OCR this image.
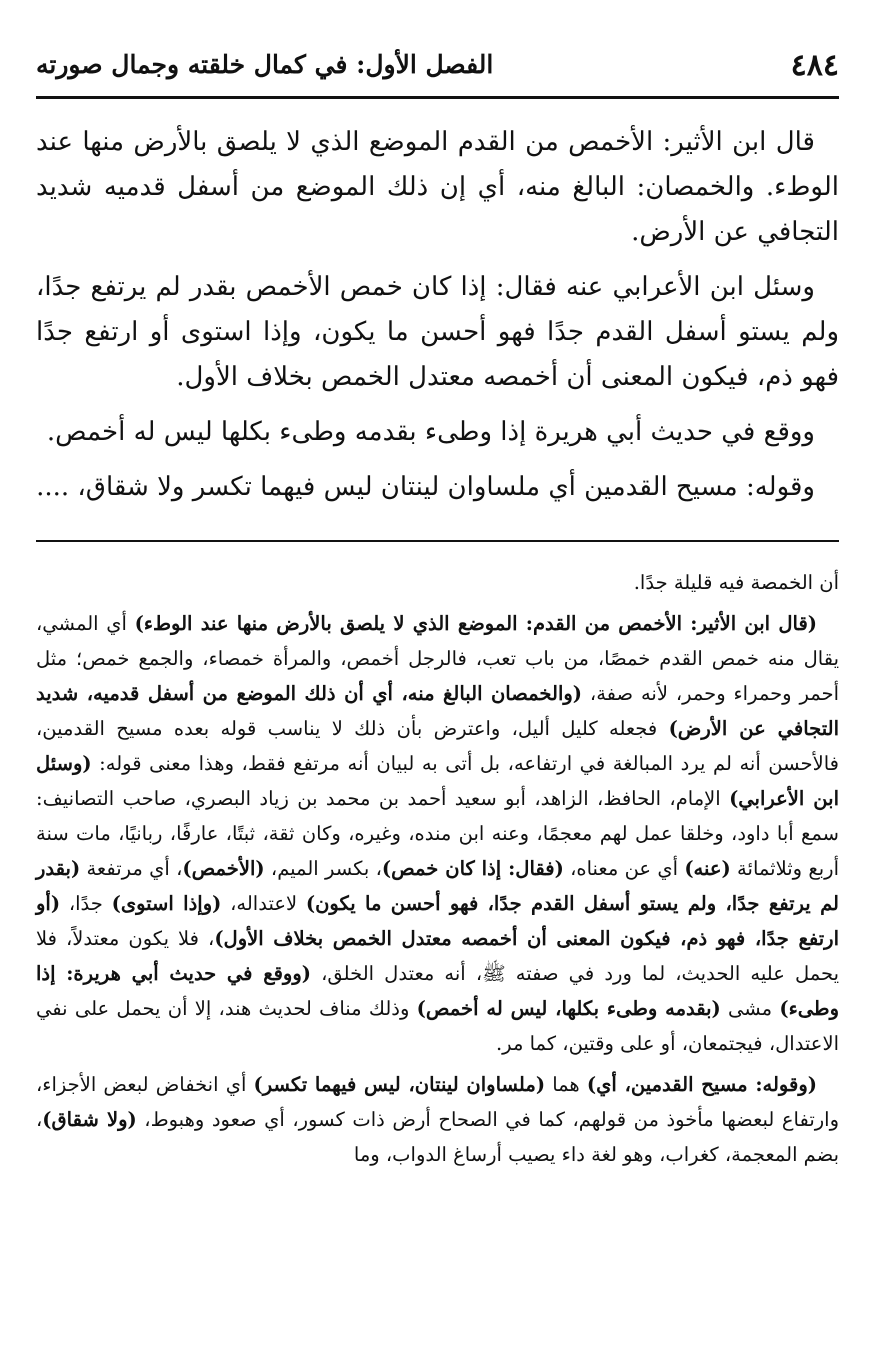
٤٨٤
الفصل الأول: في كمال خلقته وجمال صورته

قال ابن الأثير: الأخمص من القدم الموضع الذي لا يلصق بالأرض منها عند الوطء. والخمصان: البالغ منه، أي إن ذلك الموضع من أسفل قدميه شديد التجافي عن الأرض.

وسئل ابن الأعرابي عنه فقال: إذا كان خمص الأخمص بقدر لم يرتفع جدًا، ولم يستو أسفل القدم جدًا فهو أحسن ما يكون، وإذا استوى أو ارتفع جدًا فهو ذم، فيكون المعنى أن أخمصه معتدل الخمص بخلاف الأول.

ووقع في حديث أبي هريرة إذا وطىء بقدمه وطىء بكلها ليس له أخمص.

وقوله: مسيح القدمين أي ملساوان لينتان ليس فيهما تكسر ولا شقاق، ....

أن الخمصة فيه قليلة جدًا.

(قال ابن الأثير: الأخمص من القدم: الموضع الذي لا يلصق بالأرض منها عند الوطء) أي المشي، يقال منه خمص القدم خمصًا، من باب تعب، فالرجل أخمص، والمرأة خمصاء، والجمع خمص؛ مثل أحمر وحمراء وحمر، لأنه صفة، (والخمصان البالغ منه، أي أن ذلك الموضع من أسفل قدميه، شديد التجافي عن الأرض) فجعله كليل أليل، واعترض بأن ذلك لا يناسب قوله بعده مسيح القدمين، فالأحسن أنه لم يرد المبالغة في ارتفاعه، بل أتى به لبيان أنه مرتفع فقط، وهذا معنى قوله: (وسئل ابن الأعرابي) الإمام، الحافظ، الزاهد، أبو سعيد أحمد بن محمد بن زياد البصري، صاحب التصانيف: سمع أبا داود، وخلقا عمل لهم معجمًا، وعنه ابن منده، وغيره، وكان ثقة، ثبتًا، عارفًا، ربانيًا، مات سنة أربع وثلاثمائة (عنه) أي عن معناه، (فقال: إذا كان خمص)، بكسر الميم، (الأخمص)، أي مرتفعة (بقدر لم يرتفع جدًا، ولم يستو أسفل القدم جدًا، فهو أحسن ما يكون) لاعتداله، (وإذا استوى) جدًا، (أو ارتفع جدًا، فهو ذم، فيكون المعنى أن أخمصه معتدل الخمص بخلاف الأول)، فلا يكون معتدلاً، فلا يحمل عليه الحديث، لما ورد في صفته ﷺ، أنه معتدل الخلق، (ووقع في حديث أبي هريرة: إذا وطىء) مشى (بقدمه وطىء بكلها، ليس له أخمص) وذلك مناف لحديث هند، إلا أن يحمل على نفي الاعتدال، فيجتمعان، أو على وقتين، كما مر.

(وقوله: مسيح القدمين، أي) هما (ملساوان لينتان، ليس فيهما تكسر) أي انخفاض لبعض الأجزاء، وارتفاع لبعضها مأخوذ من قولهم، كما في الصحاح أرض ذات كسور، أي صعود وهبوط، (ولا شقاق)، بضم المعجمة، كغراب، وهو لغة داء يصيب أرساغ الدواب، وما
